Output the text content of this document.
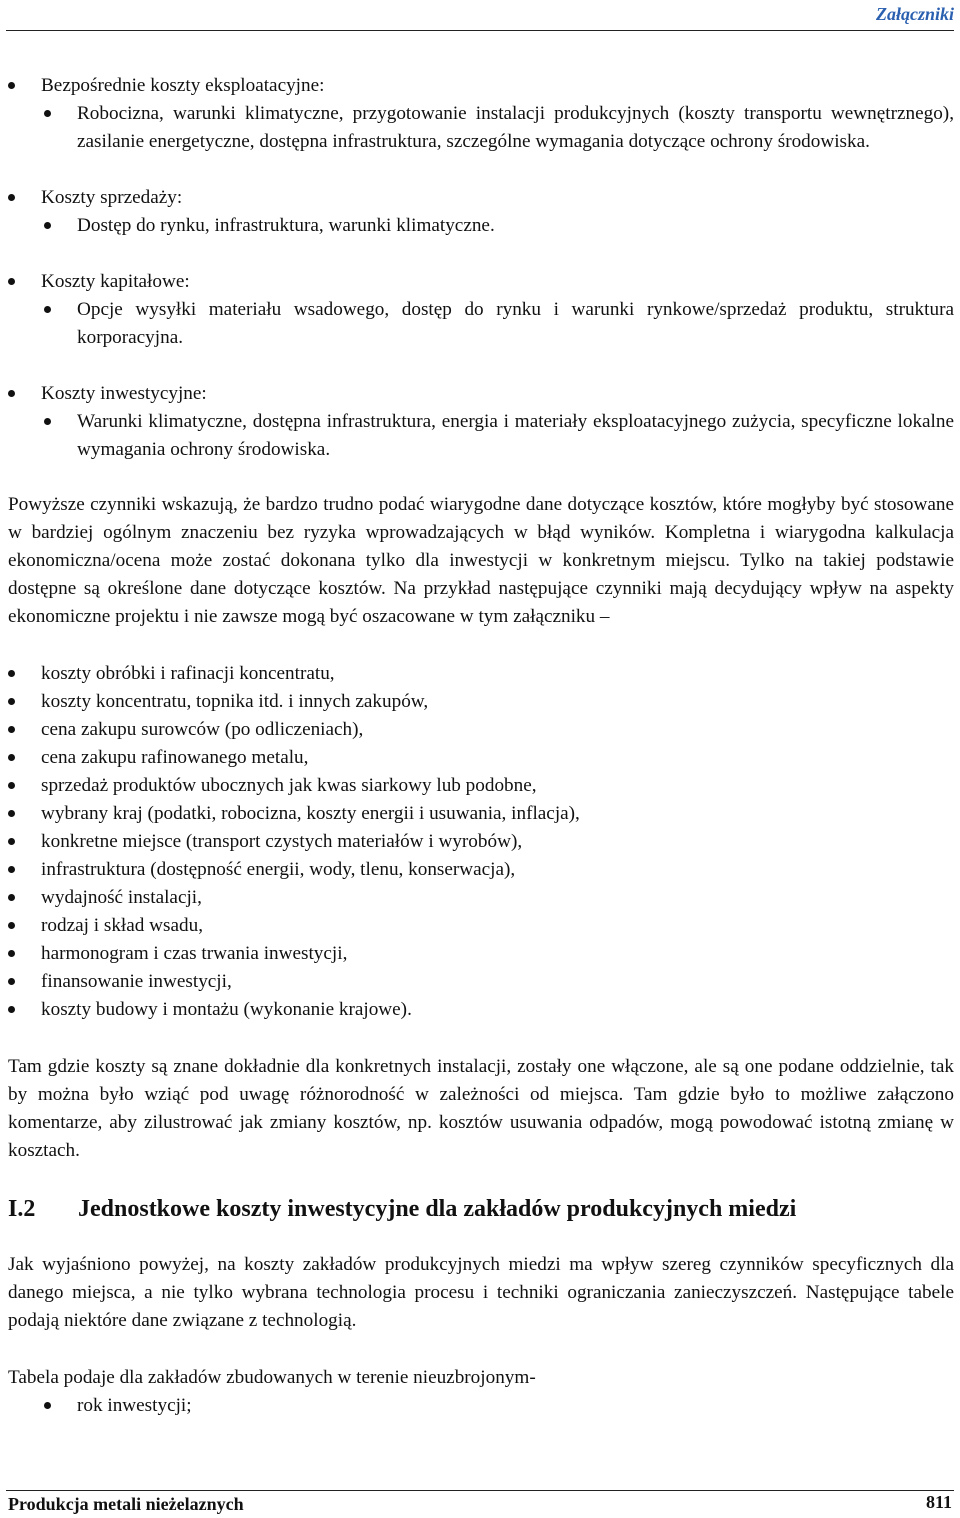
Załączniki
Bezpośrednie koszty eksploatacyjne:
Robocizna, warunki klimatyczne, przygotowanie instalacji produkcyjnych (koszty transportu wewnętrznego), zasilanie energetyczne, dostępna infrastruktura, szczególne wymagania dotyczące ochrony środowiska.
Koszty sprzedaży:
Dostęp do rynku, infrastruktura, warunki klimatyczne.
Koszty kapitałowe:
Opcje wysyłki materiału wsadowego, dostęp do rynku i warunki rynkowe/sprzedaż produktu, struktura korporacyjna.
Koszty inwestycyjne:
Warunki klimatyczne, dostępna infrastruktura, energia i materiały eksploatacyjnego zużycia, specyficzne lokalne wymagania ochrony środowiska.

Powyższe czynniki wskazują, że bardzo trudno podać wiarygodne dane dotyczące kosztów, które mogłyby być stosowane w bardziej ogólnym znaczeniu bez ryzyka wprowadzających w błąd wyników. Kompletna i wiarygodna kalkulacja ekonomiczna/ocena może zostać dokonana tylko dla inwestycji w konkretnym miejscu. Tylko na takiej podstawie dostępne są określone dane dotyczące kosztów. Na przykład następujące czynniki mają decydujący wpływ na aspekty ekonomiczne projektu i nie zawsze mogą być oszacowane w tym załączniku –

koszty obróbki i rafinacji koncentratu,
koszty koncentratu, topnika itd. i innych zakupów,
cena zakupu surowców (po odliczeniach),
cena zakupu rafinowanego metalu,
sprzedaż produktów ubocznych jak kwas siarkowy lub podobne,
wybrany kraj (podatki, robocizna, koszty energii i usuwania, inflacja),
konkretne miejsce (transport czystych materiałów i wyrobów),
infrastruktura (dostępność energii, wody, tlenu, konserwacja),
wydajność instalacji,
rodzaj i skład wsadu,
harmonogram i czas trwania inwestycji,
finansowanie inwestycji,
koszty budowy i montażu (wykonanie krajowe).

Tam gdzie koszty są znane dokładnie dla konkretnych instalacji, zostały one włączone, ale są one podane oddzielnie, tak by można było wziąć pod uwagę różnorodność w zależności od miejsca. Tam gdzie było to możliwe załączono komentarze, aby zilustrować jak zmiany kosztów, np. kosztów usuwania odpadów, mogą powodować istotną zmianę w kosztach.

I.2	Jednostkowe koszty inwestycyjne dla zakładów produkcyjnych miedzi

Jak wyjaśniono powyżej, na koszty zakładów produkcyjnych miedzi ma wpływ szereg czynników specyficznych dla danego miejsca, a nie tylko wybrana technologia procesu i techniki ograniczania zanieczyszczeń. Następujące tabele podają niektóre dane związane z technologią.

Tabela podaje dla zakładów zbudowanych w terenie nieuzbrojonym-

rok inwestycji;
Produkcja metali nieżelaznych	811
